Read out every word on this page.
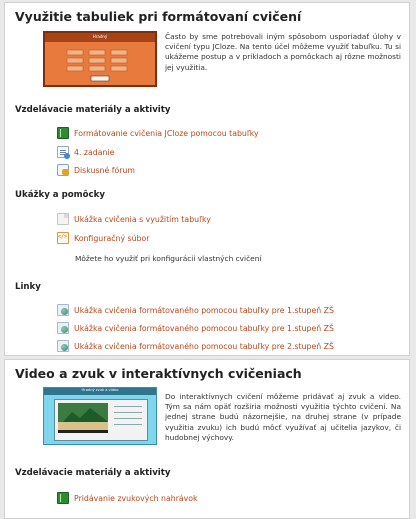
Využitie tabuliek pri formátovaní cvičení
Hradný	Často by sme potrebovali iným spôsobom usporiadať úlohy v cvičení typu JCloze. Na tento účel môžeme využiť tabuľku. Tu si ukážeme postup a v príkladoch a pomôckach aj rôzne možnosti jej využitia.
Vzdelávacie materiály a aktivity
Formátovanie cvičenia JCloze pomocou tabuľky
4. zadanie
Diskusné fórum
Ukážky a pomôcky
Ukážka cvičenia s využitím tabuľky
</>
Konfiguračný súbor
Môžete ho využiť pri konfigurácii vlastných cvičení
Linky
Ukážka cvičenia formátovaného pomocou tabuľky pre 1.stupeň ZŠ
Ukážka cvičenia formátovaného pomocou tabuľky pre 1.stupeň ZŠ
Ukážka cvičenia formátovaného pomocou tabuľky pre 2.stupeň ZŠ
Video a zvuk v interaktívnych cvičeniach
Hradný zvuk a video
Do interaktívnych cvičení môžeme pridávať aj zvuk a video. Tým sa nám opäť rozširia možnosti využitia týchto cvičení. Na jednej strane budú názornejšie, na druhej strane (v prípade využitia zvuku) ich budú môcť využívať aj učitelia jazykov, či hudobnej výchovy.
Vzdelávacie materiály a aktivity
Pridávanie zvukových nahrávok
